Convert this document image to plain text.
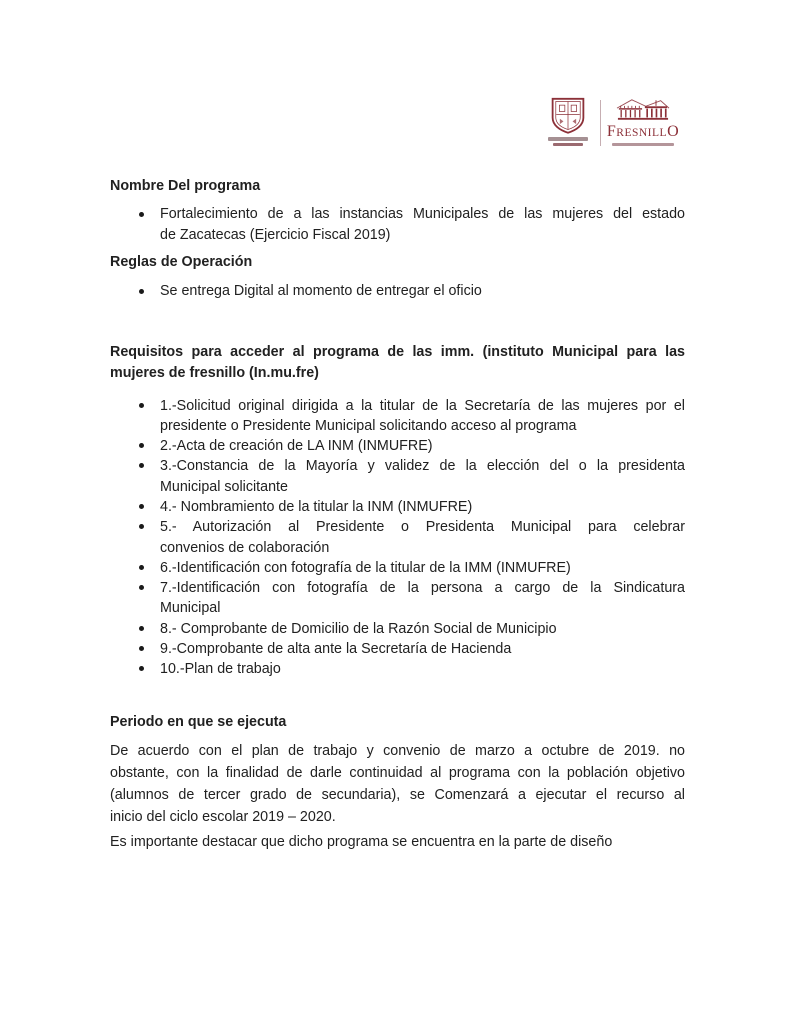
FRESNILLO
Nombre Del programa
Fortalecimiento de a las instancias Municipales de las mujeres del estado
de Zacatecas (Ejercicio Fiscal 2019)
Reglas de Operación
Se entrega Digital al momento de entregar el oficio
Requisitos para acceder al programa de las imm. (instituto Municipal para las
mujeres de fresnillo (In.mu.fre)
1.-Solicitud original dirigida a la titular de la Secretaría de las mujeres por el
presidente o Presidente Municipal solicitando acceso al programa
2.-Acta de creación de LA INM (INMUFRE)
3.-Constancia de la Mayoría y validez de la elección del o la presidenta
Municipal solicitante
4.- Nombramiento de la titular la INM (INMUFRE)
5.- Autorización al Presidente o Presidenta Municipal para celebrar
convenios de colaboración
6.-Identificación con fotografía de la titular de la IMM (INMUFRE)
7.-Identificación con fotografía de la persona a cargo de la Sindicatura
Municipal
8.- Comprobante de Domicilio de la Razón Social de Municipio
9.-Comprobante de alta ante la Secretaría de Hacienda
10.-Plan de trabajo
Periodo en que se ejecuta
De acuerdo con el plan de trabajo y convenio de marzo a octubre de 2019. no
obstante, con la finalidad de darle continuidad al programa con la población objetivo
(alumnos de tercer grado de secundaria), se Comenzará a ejecutar el recurso al
inicio del ciclo escolar 2019 – 2020.
Es importante destacar que dicho programa se encuentra en la parte de diseño
